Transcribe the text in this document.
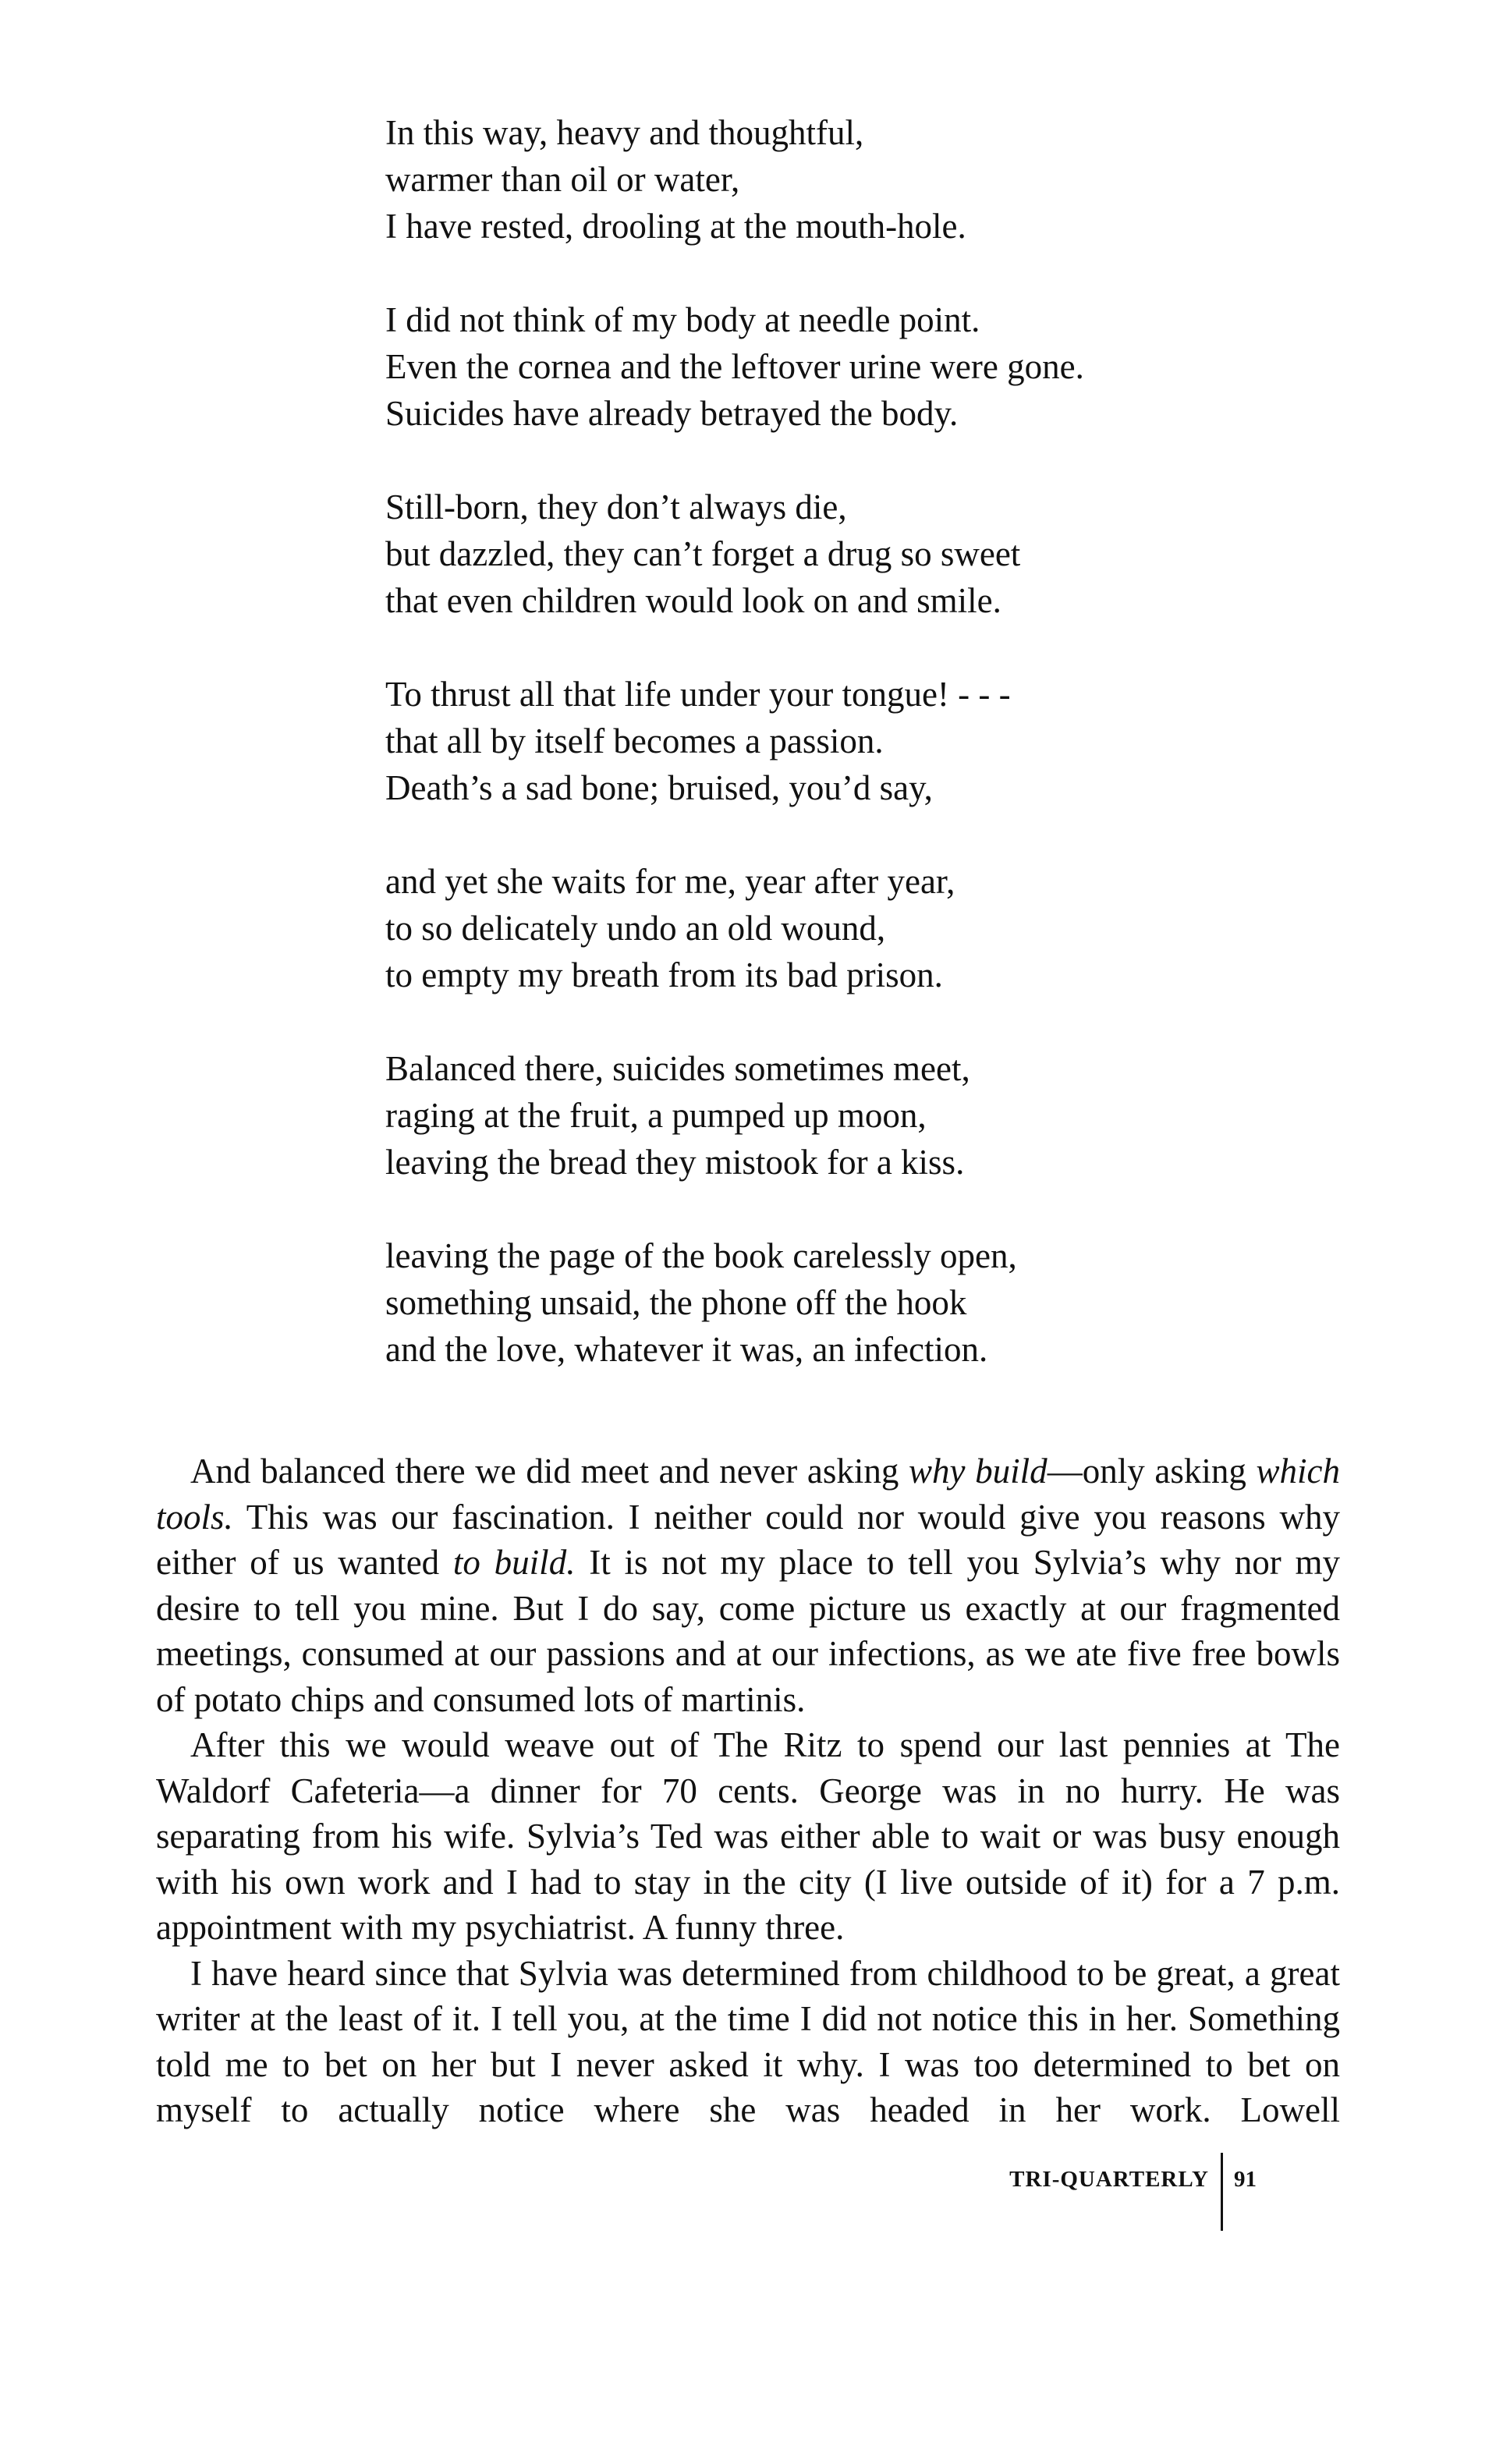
In this way, heavy and thoughtful,
warmer than oil or water,
I have rested, drooling at the mouth-hole.
I did not think of my body at needle point.
Even the cornea and the leftover urine were gone.
Suicides have already betrayed the body.
Still-born, they don’t always die,
but dazzled, they can’t forget a drug so sweet
that even children would look on and smile.
To thrust all that life under your tongue! - - -
that all by itself becomes a passion.
Death’s a sad bone; bruised, you’d say,
and yet she waits for me, year after year,
to so delicately undo an old wound,
to empty my breath from its bad prison.
Balanced there, suicides sometimes meet,
raging at the fruit, a pumped up moon,
leaving the bread they mistook for a kiss.
leaving the page of the book carelessly open,
something unsaid, the phone off the hook
and the love, whatever it was, an infection.

And balanced there we did meet and never asking why build—only asking which tools. This was our fascination. I neither could nor would give you reasons why either of us wanted to build. It is not my place to tell you Sylvia’s why nor my desire to tell you mine. But I do say, come picture us exactly at our fragmented meetings, consumed at our passions and at our infections, as we ate five free bowls of potato chips and consumed lots of martinis.

After this we would weave out of The Ritz to spend our last pennies at The Waldorf Cafeteria—a dinner for 70 cents. George was in no hurry. He was separating from his wife. Sylvia’s Ted was either able to wait or was busy enough with his own work and I had to stay in the city (I live outside of it) for a 7 p.m. appointment with my psychiatrist. A funny three.

I have heard since that Sylvia was determined from childhood to be great, a great writer at the least of it. I tell you, at the time I did not notice this in her. Something told me to bet on her but I never asked it why. I was too determined to bet on myself to actually notice where she was headed in her work. Lowell

TRI-QUARTERLY 91
